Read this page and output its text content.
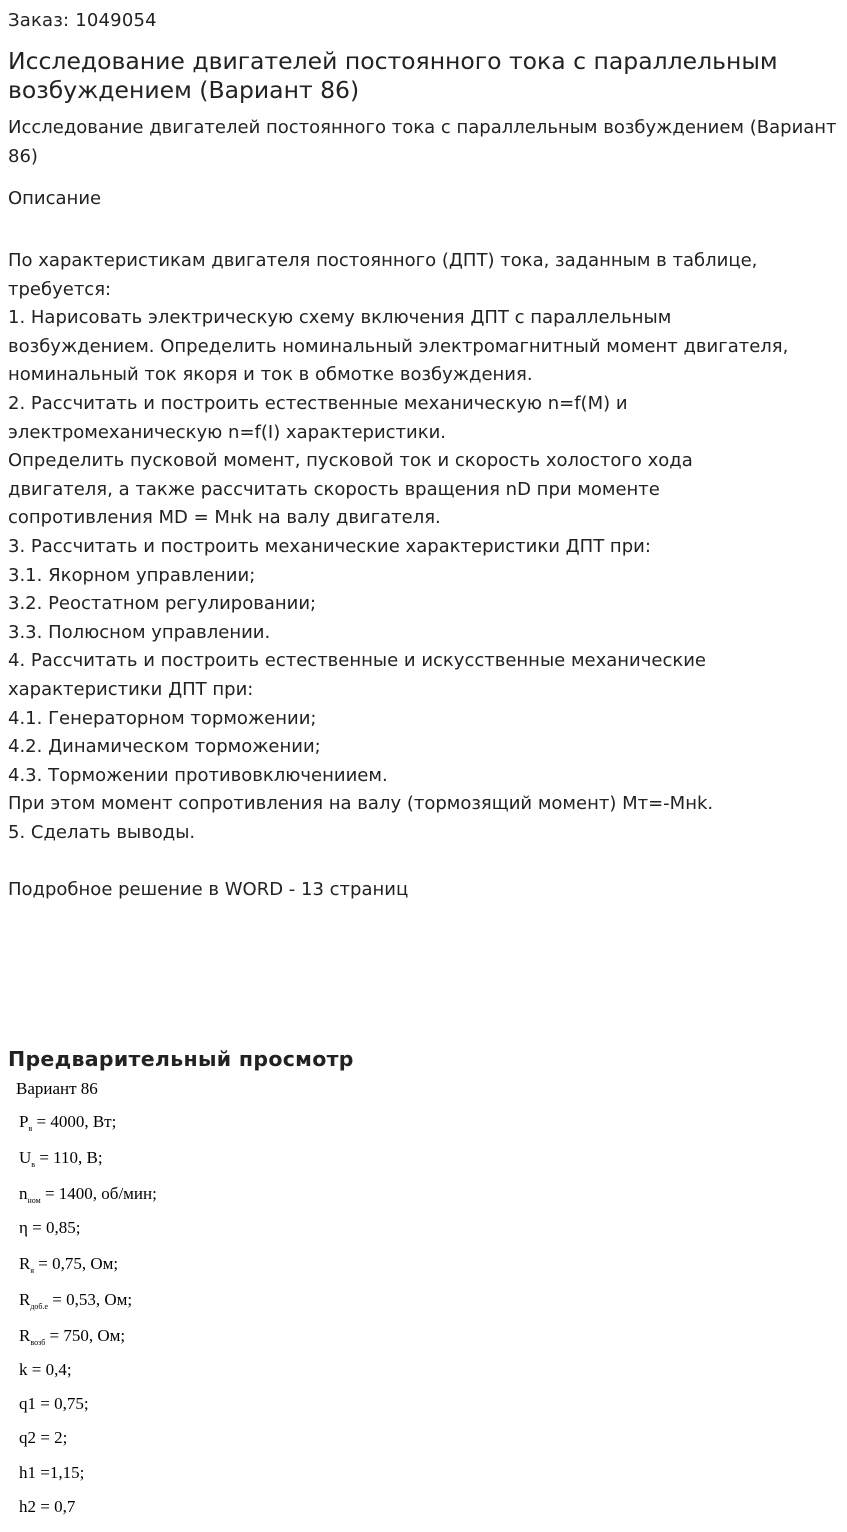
Заказ: 1049054
Исследование двигателей постоянного тока с параллельным возбуждением (Вариант 86)
Исследование двигателей постоянного тока с параллельным возбуждением (Вариант 86)
Описание
По характеристикам двигателя постоянного (ДПТ) тока, заданным в таблице,
требуется:
1. Нарисовать электрическую схему включения ДПТ с параллельным
возбуждением. Определить номинальный электромагнитный момент двигателя,
номинальный ток якоря и ток в обмотке возбуждения.
2. Рассчитать и построить естественные механическую n=f(M) и
электромеханическую n=f(I) характеристики.
Определить пусковой момент, пусковой ток и скорость холостого хода
двигателя, а также рассчитать скорость вращения nD при моменте
сопротивления MD = Mнk на валу двигателя.
3. Рассчитать и построить механические характеристики ДПТ при:
3.1. Якорном управлении;
3.2. Реостатном регулировании;
3.3. Полюсном управлении.
4. Рассчитать и построить естественные и искусственные механические
характеристики ДПТ при:
4.1. Генераторном торможении;
4.2. Динамическом торможении;
4.3. Торможении противовключениием.
При этом момент сопротивления на валу (тормозящий момент) Мт=-Мнk.
5. Сделать выводы.
Подробное решение в WORD - 13 страниц
Предварительный просмотр
Вариант 86
$P_в = 4000$, Вт;
$U_в = 110$, В;
$n_{ном} = 1400$, об/мин;
η = 0,85;
$R_я = 0,75$, Ом;
$R_{доб.е} = 0,53$, Ом;
$R_{возб} = 750$, Ом;
k = 0,4;
q1 = 0,75;
q2 = 2;
h1 =1,15;
h2 = 0,7
